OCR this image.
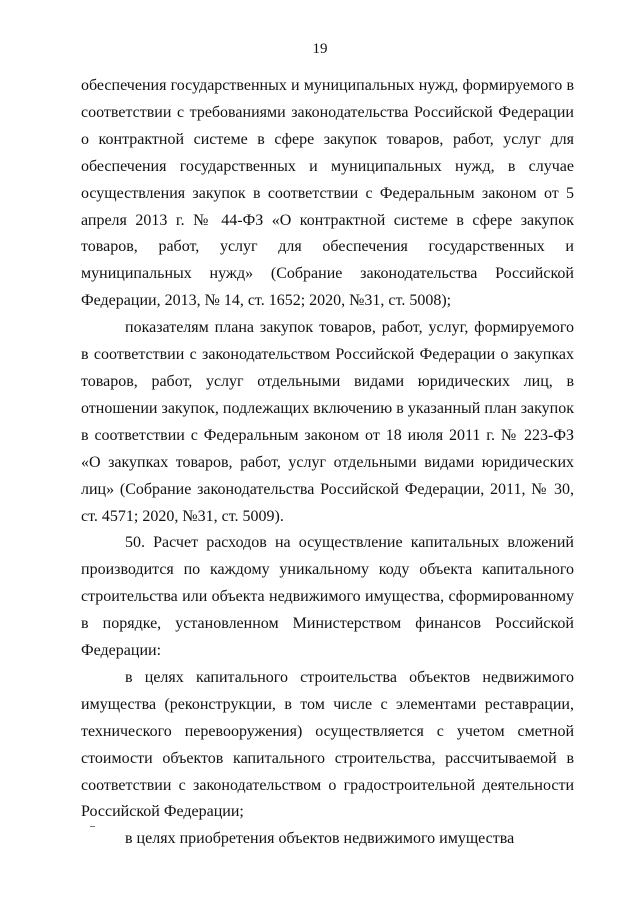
19

обеспечения государственных и муниципальных нужд, формируемого в соответствии с требованиями законодательства Российской Федерации о контрактной системе в сфере закупок товаров, работ, услуг для обеспечения государственных и муниципальных нужд, в случае осуществления закупок в соответствии с Федеральным законом от 5 апреля 2013 г. № 44-ФЗ «О контрактной системе в сфере закупок товаров, работ, услуг для обеспечения государственных и муниципальных нужд» (Собрание законодательства Российской Федерации, 2013, № 14, ст. 1652; 2020, №31, ст. 5008);

показателям плана закупок товаров, работ, услуг, формируемого в соответствии с законодательством Российской Федерации о закупках товаров, работ, услуг отдельными видами юридических лиц, в отношении закупок, подлежащих включению в указанный план закупок в соответствии с Федеральным законом от 18 июля 2011 г. № 223-ФЗ «О закупках товаров, работ, услуг отдельными видами юридических лиц» (Собрание законодательства Российской Федерации, 2011, № 30, ст. 4571; 2020, №31, ст. 5009).

50. Расчет расходов на осуществление капитальных вложений производится по каждому уникальному коду объекта капитального строительства или объекта недвижимого имущества, сформированному в порядке, установленном Министерством финансов Российской Федерации:

в целях капитального строительства объектов недвижимого имущества (реконструкции, в том числе с элементами реставрации, технического перевооружения) осуществляется с учетом сметной стоимости объектов капитального строительства, рассчитываемой в соответствии с законодательством о градостроительной деятельности Российской Федерации;

в целях приобретения объектов недвижимого имущества
